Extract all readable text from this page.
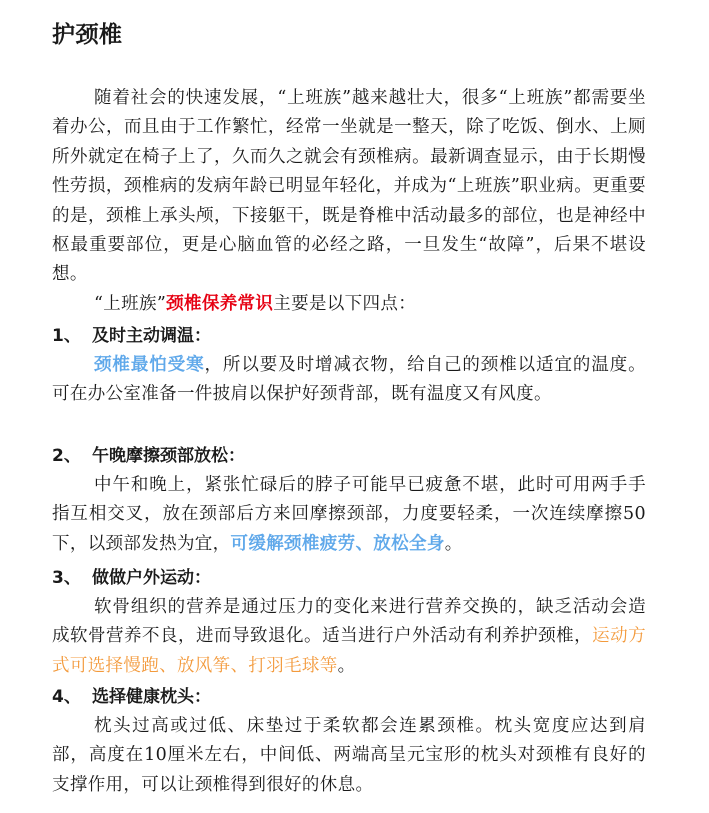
护颈椎

随着社会的快速发展，“上班族”越来越壮大，很多“上班族”都需要坐着办公，而且由于工作繁忙，经常一坐就是一整天，除了吃饭、倒水、上厕所外就定在椅子上了，久而久之就会有颈椎病。最新调查显示，由于长期慢性劳损，颈椎病的发病年龄已明显年轻化，并成为“上班族”职业病。更重要的是，颈椎上承头颅，下接躯干，既是脊椎中活动最多的部位，也是神经中枢最重要部位，更是心脑血管的必经之路，一旦发生“故障”，后果不堪设想。

“上班族”颈椎保养常识主要是以下四点：

1、 及时主动调温：

颈椎最怕受寒，所以要及时增减衣物，给自己的颈椎以适宜的温度。可在办公室准备一件披肩以保护好颈背部，既有温度又有风度。

2、 午晚摩擦颈部放松：

中午和晚上，紧张忙碌后的脖子可能早已疲惫不堪，此时可用两手手指互相交叉，放在颈部后方来回摩擦颈部，力度要轻柔，一次连续摩擦50下，以颈部发热为宜，可缓解颈椎疲劳、放松全身。

3、 做做户外运动：

软骨组织的营养是通过压力的变化来进行营养交换的，缺乏活动会造成软骨营养不良，进而导致退化。适当进行户外活动有利养护颈椎，运动方式可选择慢跑、放风筝、打羽毛球等。

4、 选择健康枕头：

枕头过高或过低、床垫过于柔软都会连累颈椎。枕头宽度应达到肩部，高度在10厘米左右，中间低、两端高呈元宝形的枕头对颈椎有良好的支撑作用，可以让颈椎得到很好的休息。
